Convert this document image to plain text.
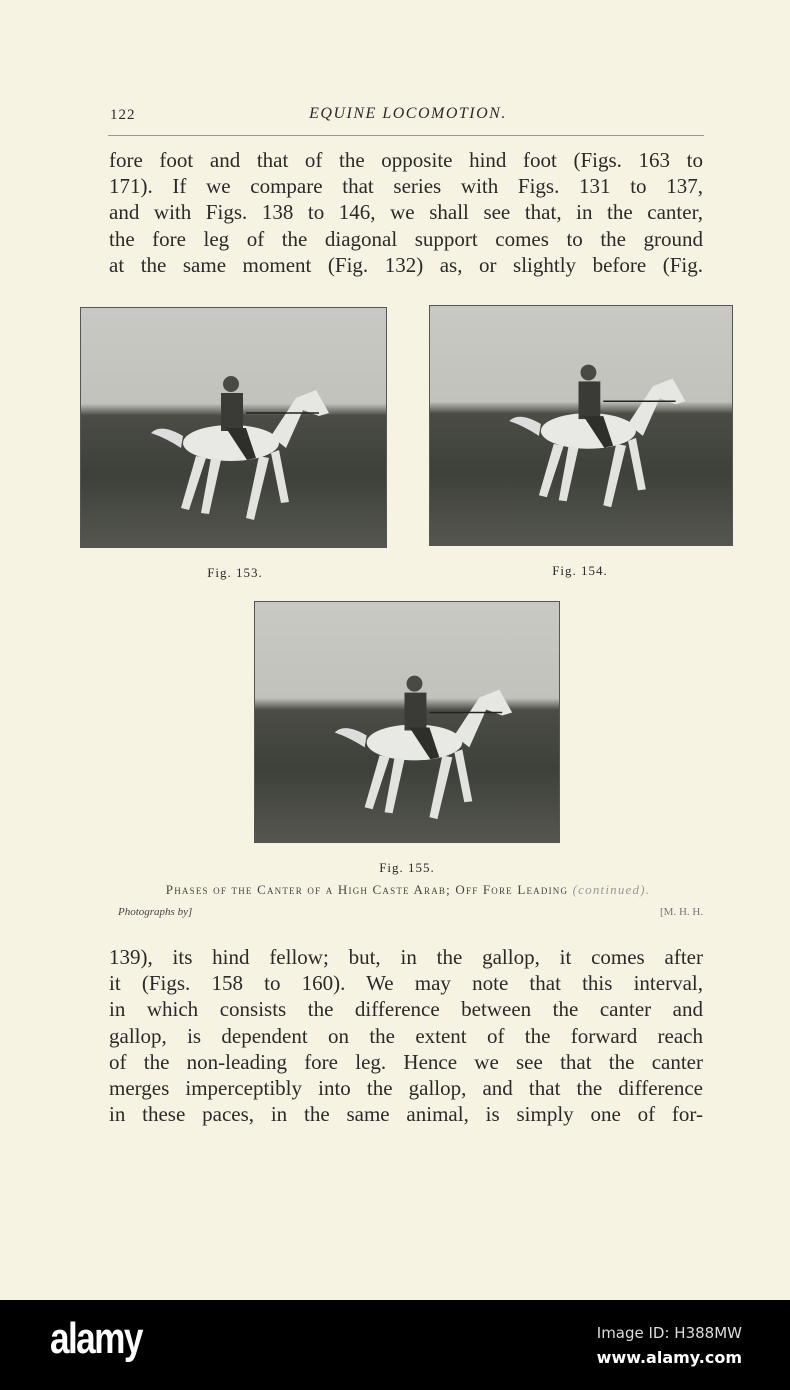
122	EQUINE LOCOMOTION.
fore foot and that of the opposite hind foot (Figs. 163 to
171). If we compare that series with Figs. 131 to 137,
and with Figs. 138 to 146, we shall see that, in the canter,
the fore leg of the diagonal support comes to the ground
at the same moment (Fig. 132) as, or slightly before (Fig.
Fig. 153.	Fig. 154.
Fig. 155.
Phases of the Canter of a High Caste Arab; Off Fore Leading (continued).
Photographs by]	[M. H. H.
139), its hind fellow; but, in the gallop, it comes after
it (Figs. 158 to 160). We may note that this interval,
in which consists the difference between the canter and
gallop, is dependent on the extent of the forward reach
of the non-leading fore leg. Hence we see that the canter
merges imperceptibly into the gallop, and that the difference
in these paces, in the same animal, is simply one of for-
alamy	Image ID: H388MW
www.alamy.com
